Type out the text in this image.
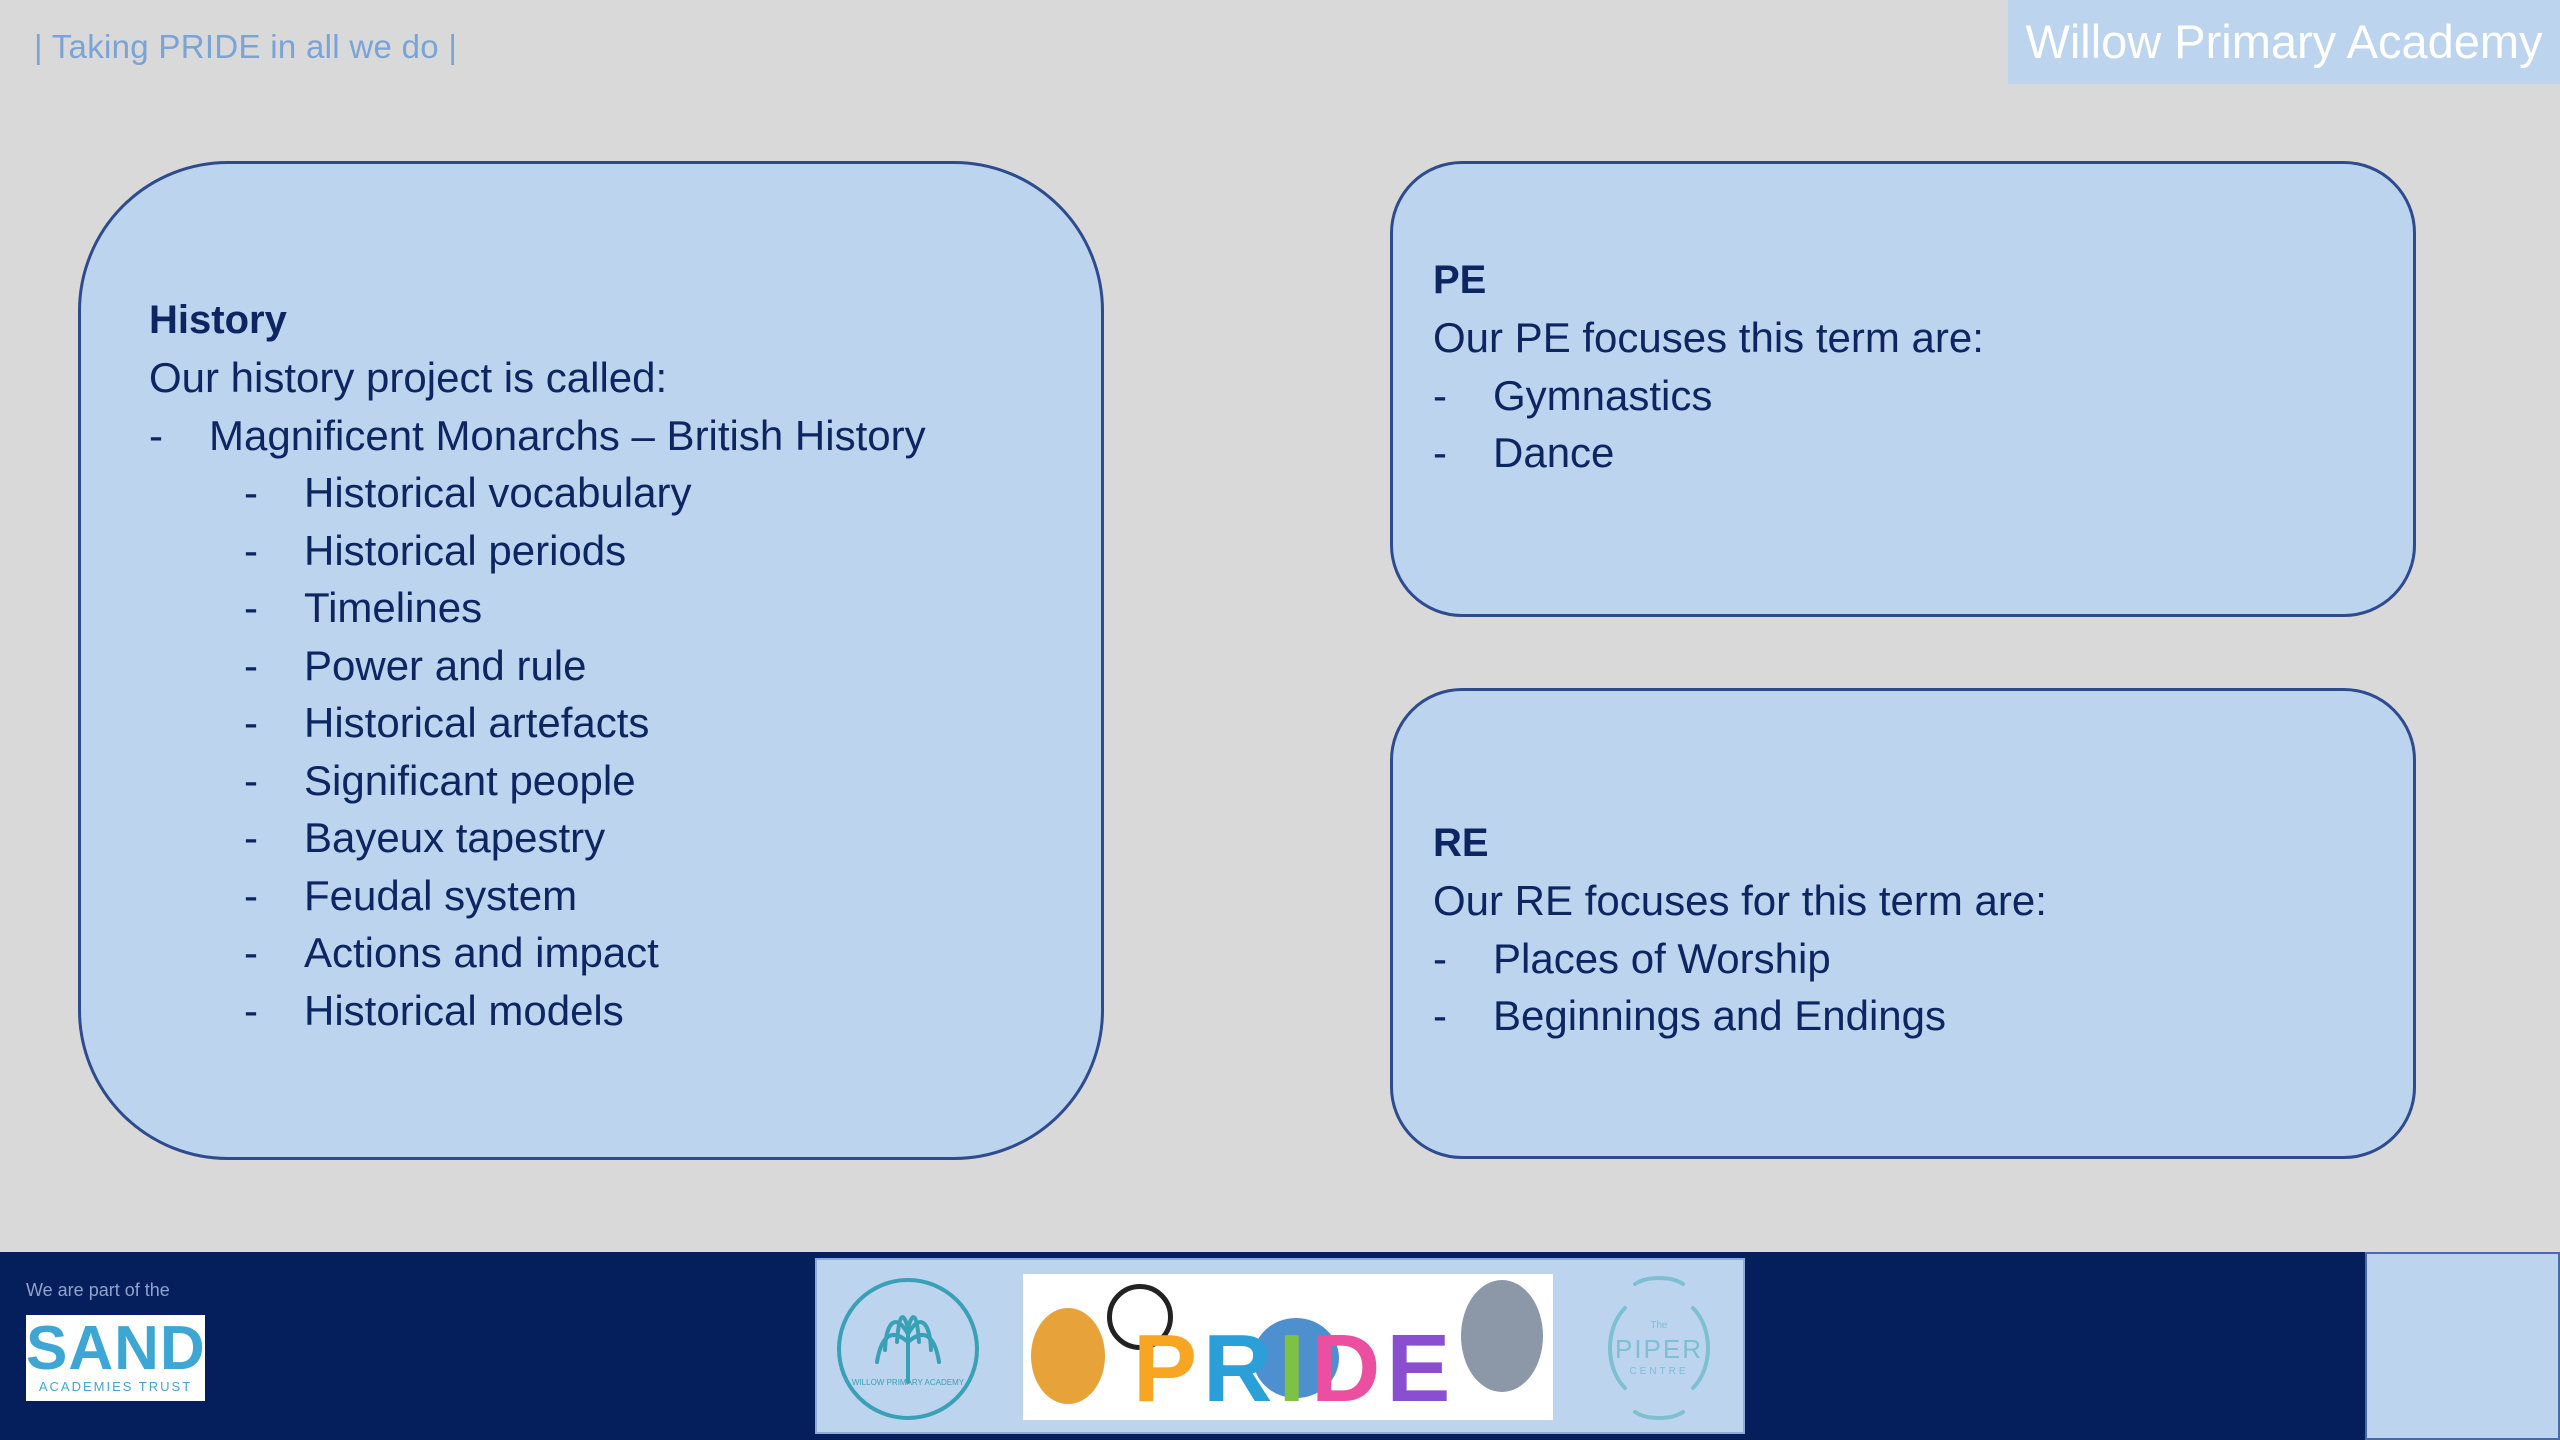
| Taking PRIDE in all we do |	Willow Primary Academy
History
Our history project is called:
- Magnificent Monarchs – British History
- Historical vocabulary
- Historical periods
- Timelines
- Power and rule
- Historical artefacts
- Significant people
- Bayeux tapestry
- Feudal system
- Actions and impact
- Historical models
PE
Our PE focuses this term are:
- Gymnastics
- Dance
RE
Our RE focuses for this term are:
- Places of Worship
- Beginnings and Endings
We are part of the
SAND
ACADEMIES TRUST	WILLOW PRIMARY ACADEMY PRIDE	The
PIPER
CENTRE
